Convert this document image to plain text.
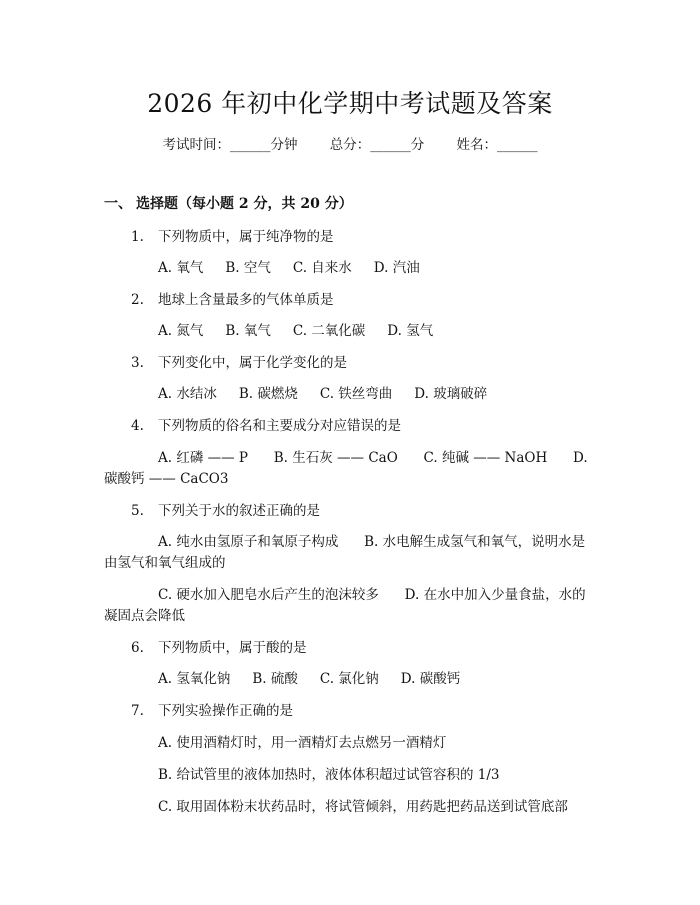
2026 年初中化学期中考试题及答案
考试时间：______分钟 总分：______分 姓名：______
一、 选择题（每小题 2 分，共 20 分）
1. 下列物质中，属于纯净物的是
A. 氧气 B. 空气 C. 自来水 D. 汽油
2. 地球上含量最多的气体单质是
A. 氮气 B. 氧气 C. 二氧化碳 D. 氢气
3. 下列变化中，属于化学变化的是
A. 水结冰 B. 碳燃烧 C. 铁丝弯曲 D. 玻璃破碎
4. 下列物质的俗名和主要成分对应错误的是
A. 红磷 —— P      B. 生石灰 —— CaO      C. 纯碱 —— NaOH      D.
碳酸钙 —— CaCO3
5. 下列关于水的叙述正确的是
A. 纯水由氢原子和氧原子构成      B. 水电解生成氢气和氧气，说明水是
由氢气和氧气组成的
C. 硬水加入肥皂水后产生的泡沫较多      D. 在水中加入少量食盐，水的
凝固点会降低
6. 下列物质中，属于酸的是
A. 氢氧化钠 B. 硫酸 C. 氯化钠 D. 碳酸钙
7. 下列实验操作正确的是
A. 使用酒精灯时，用一酒精灯去点燃另一酒精灯
B. 给试管里的液体加热时，液体体积超过试管容积的 1/3
C. 取用固体粉末状药品时，将试管倾斜，用药匙把药品送到试管底部
